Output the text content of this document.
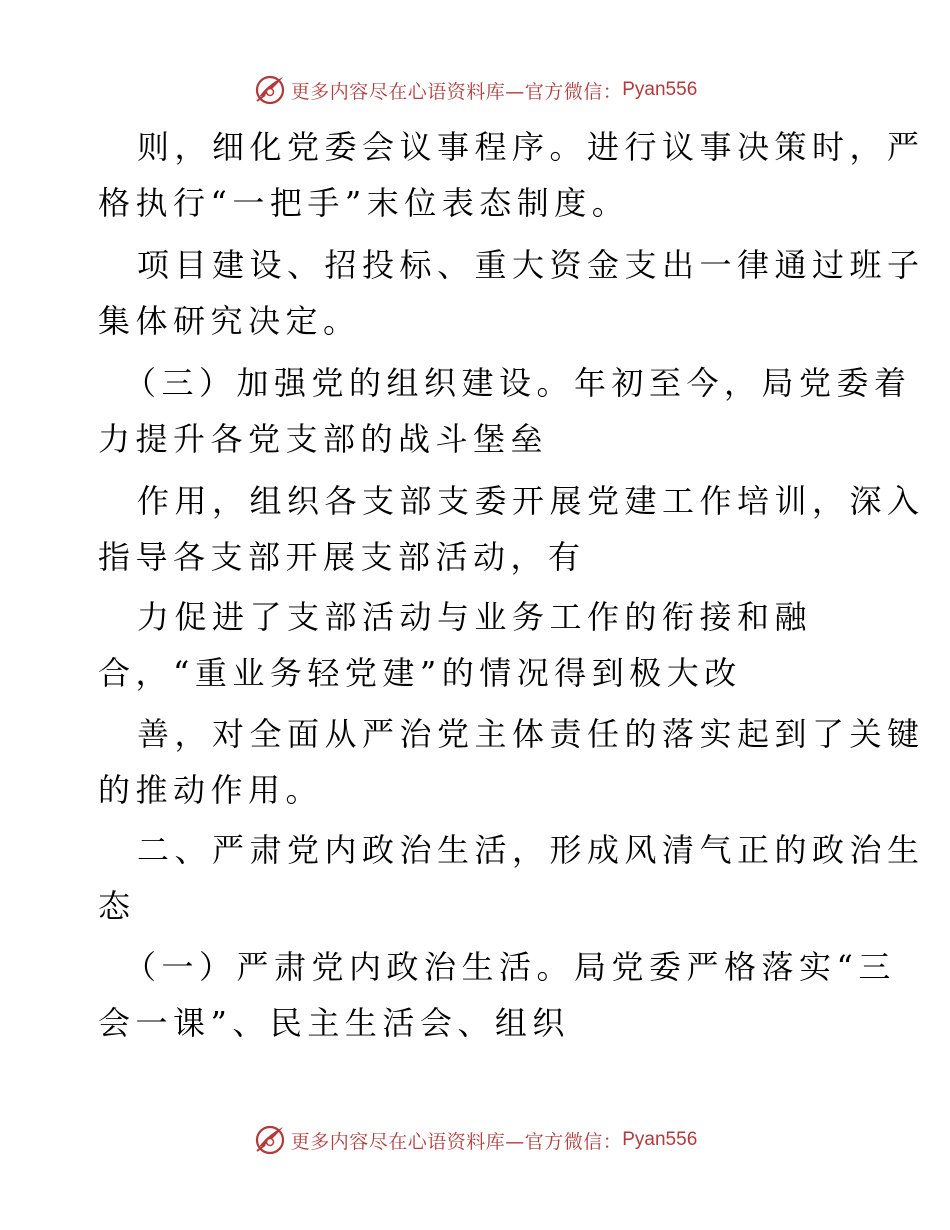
更多内容尽在心语资料库—官方微信： Pyan556
则，细化党委会议事程序。进行议事决策时，严
格执行“一把手”末位表态制度。
项目建设、招投标、重大资金支出一律通过班子
集体研究决定。
（三）加强党的组织建设。年初至今，局党委着
力提升各党支部的战斗堡垒
作用，组织各支部支委开展党建工作培训，深入
指导各支部开展支部活动，有
力促进了支部活动与业务工作的衔接和融
合，“重业务轻党建”的情况得到极大改
善，对全面从严治党主体责任的落实起到了关键
的推动作用。
二、严肃党内政治生活，形成风清气正的政治生
态
（一）严肃党内政治生活。局党委严格落实“三
会一课”、民主生活会、组织
更多内容尽在心语资料库—官方微信： Pyan556
